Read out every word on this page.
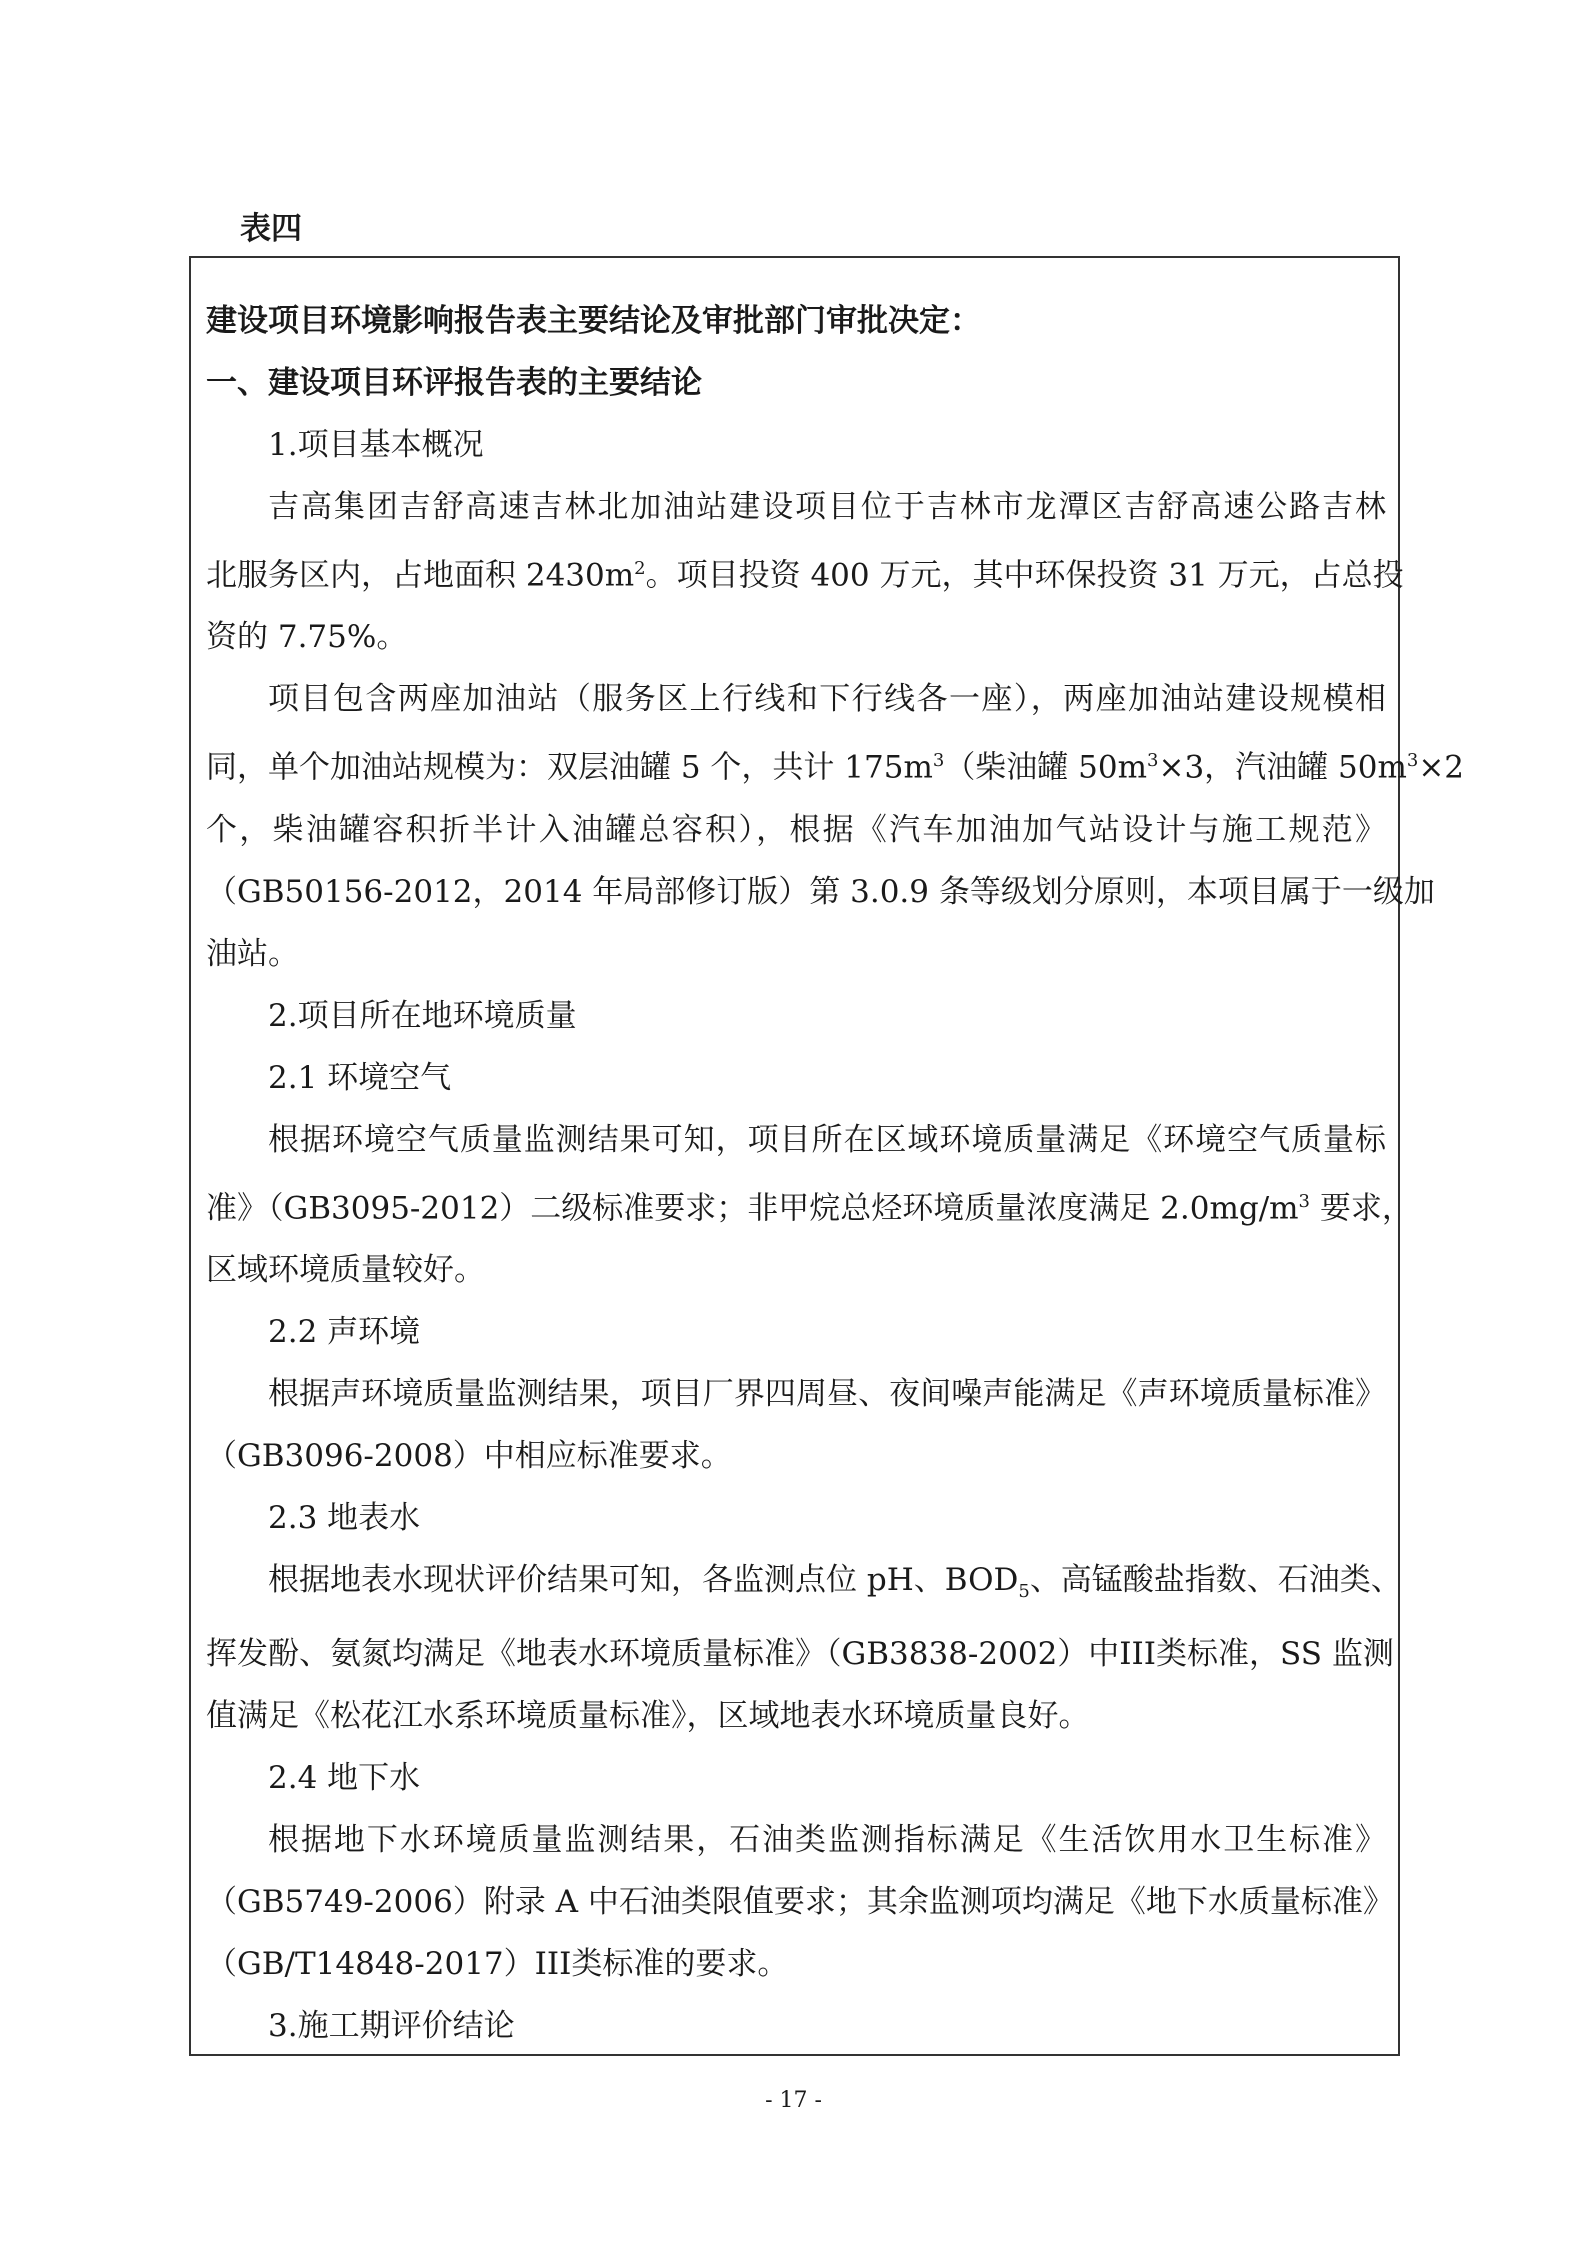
表四
建设项目环境影响报告表主要结论及审批部门审批决定：
一、建设项目环评报告表的主要结论
1.项目基本概况
吉高集团吉舒高速吉林北加油站建设项目位于吉林市龙潭区吉舒高速公路吉林
北服务区内，占地面积 $2430m^2$。项目投资 400 万元，其中环保投资 31 万元，占总投
资的 7.75%。
项目包含两座加油站（服务区上行线和下行线各一座），两座加油站建设规模相
同，单个加油站规模为：双层油罐 5 个，共计 $175m^3$（柴油罐 $50m^3\times 3$，汽油罐 $50m^3\times 2$
个，柴油罐容积折半计入油罐总容积），根据《汽车加油加气站设计与施工规范》
（GB50156-2012，2014 年局部修订版）第 3.0.9 条等级划分原则，本项目属于一级加
油站。
2.项目所在地环境质量
2.1 环境空气
根据环境空气质量监测结果可知，项目所在区域环境质量满足《环境空气质量标
准》（GB3095-2012）二级标准要求；非甲烷总烃环境质量浓度满足 $2.0mg/m^3$ 要求，
区域环境质量较好。
2.2 声环境
根据声环境质量监测结果，项目厂界四周昼、夜间噪声能满足《声环境质量标准》
（GB3096-2008）中相应标准要求。
2.3 地表水
根据地表水现状评价结果可知，各监测点位 pH、$BOD_5$、高锰酸盐指数、石油类、
挥发酚、氨氮均满足《地表水环境质量标准》（GB3838-2002）中III类标准，SS 监测
值满足《松花江水系环境质量标准》，区域地表水环境质量良好。
2.4 地下水
根据地下水环境质量监测结果，石油类监测指标满足《生活饮用水卫生标准》
（GB5749-2006）附录 A 中石油类限值要求；其余监测项均满足《地下水质量标准》
（GB/T14848-2017）III类标准的要求。
3.施工期评价结论
- 17 -
